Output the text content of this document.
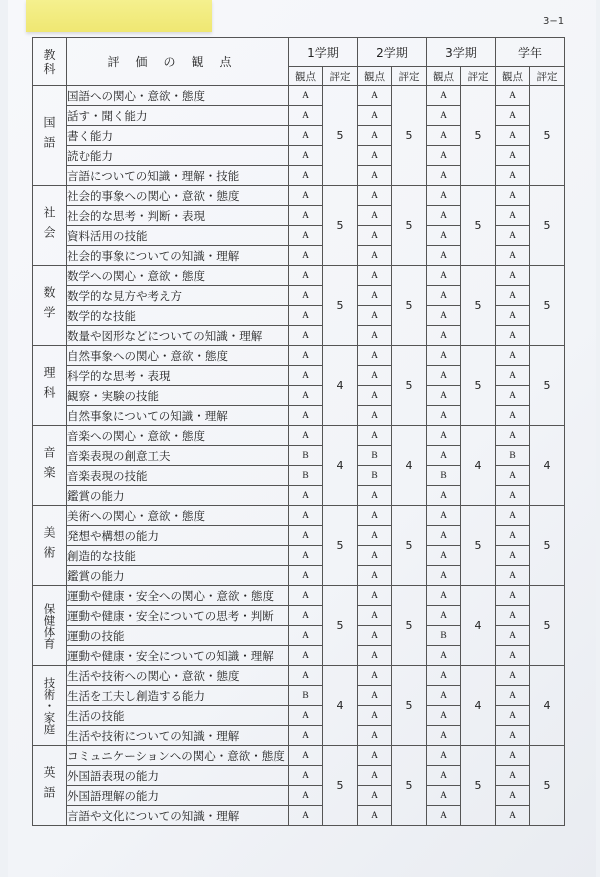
3−1
教
科	評価の観点	1学期		2学期		3学期		学年	
		観点	評定	観点	評定	観点	評定	観点	評定
国語	国語への関心・意欲・態度	A	5	A	5	A	5	A	5
	話す・聞く能力	A		A		A		A	
	書く能力	A		A		A		A	
	読む能力	A		A		A		A	
	言語についての知識・理解・技能	A		A		A		A	
社会	社会的事象への関心・意欲・態度	A	5	A	5	A	5	A	5
	社会的な思考・判断・表現	A		A		A		A	
	資料活用の技能	A		A		A		A	
	社会的事象についての知識・理解	A		A		A		A	
数学	数学への関心・意欲・態度	A	5	A	5	A	5	A	5
	数学的な見方や考え方	A		A		A		A	
	数学的な技能	A		A		A		A	
	数量や図形などについての知識・理解	A		A		A		A	
理科	自然事象への関心・意欲・態度	A	4	A	5	A	5	A	5
	科学的な思考・表現	A		A		A		A	
	観察・実験の技能	A		A		A		A	
	自然事象についての知識・理解	A		A		A		A	
音楽	音楽への関心・意欲・態度	A	4	A	4	A	4	A	4
	音楽表現の創意工夫	B		B		A		B	
	音楽表現の技能	B		B		B		A	
	鑑賞の能力	A		A		A		A	
美術	美術への関心・意欲・態度	A	5	A	5	A	5	A	5
	発想や構想の能力	A		A		A		A	
	創造的な技能	A		A		A		A	
	鑑賞の能力	A		A		A		A	
保健体育	運動や健康・安全への関心・意欲・態度	A	5	A	5	A	4	A	5
	運動や健康・安全についての思考・判断	A		A		A		A	
	運動の技能	A		A		B		A	
	運動や健康・安全についての知識・理解	A		A		A		A	
技術・家庭	生活や技術への関心・意欲・態度	A	4	A	5	A	4	A	4
	生活を工夫し創造する能力	B		A		A		A	
	生活の技能	A		A		A		A	
	生活や技術についての知識・理解	A		A		A		A	
英語	コミュニケーションへの関心・意欲・態度	A	5	A	5	A	5	A	5
	外国語表現の能力	A		A		A		A	
	外国語理解の能力	A		A		A		A	
	言語や文化についての知識・理解	A		A		A		A	
